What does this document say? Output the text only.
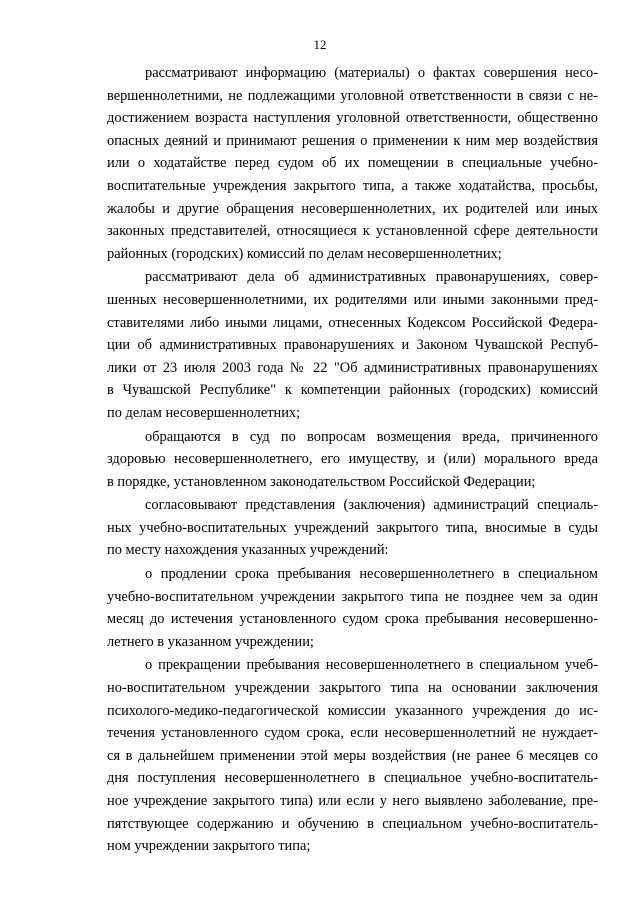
12
рассматривают информацию (материалы) о фактах совершения несо-
вершеннолетними, не подлежащими уголовной ответственности в связи с не-
достижением возраста наступления уголовной ответственности, общественно
опасных деяний и принимают решения о применении к ним мер воздействия
или о ходатайстве перед судом об их помещении в специальные учебно-
воспитательные учреждения закрытого типа, а также ходатайства, просьбы,
жалобы и другие обращения несовершеннолетних, их родителей или иных
законных представителей, относящиеся к установленной сфере деятельности
районных (городских) комиссий по делам несовершеннолетних;
рассматривают дела об административных правонарушениях, совер-
шенных несовершеннолетними, их родителями или иными законными пред-
ставителями либо иными лицами, отнесенных Кодексом Российской Федера-
ции об административных правонарушениях и Законом Чувашской Респуб-
лики от 23 июля 2003 года № 22 "Об административных правонарушениях
в Чувашской Республике" к компетенции районных (городских) комиссий
по делам несовершеннолетних;
обращаются в суд по вопросам возмещения вреда, причиненного
здоровью несовершеннолетнего, его имуществу, и (или) морального вреда
в порядке, установленном законодательством Российской Федерации;
согласовывают представления (заключения) администраций специаль-
ных учебно-воспитательных учреждений закрытого типа, вносимые в суды
по месту нахождения указанных учреждений:
о продлении срока пребывания несовершеннолетнего в специальном
учебно-воспитательном учреждении закрытого типа не позднее чем за один
месяц до истечения установленного судом срока пребывания несовершенно-
летнего в указанном учреждении;
о прекращении пребывания несовершеннолетнего в специальном учеб-
но-воспитательном учреждении закрытого типа на основании заключения
психолого-медико-педагогической комиссии указанного учреждения до ис-
течения установленного судом срока, если несовершеннолетний не нуждает-
ся в дальнейшем применении этой меры воздействия (не ранее 6 месяцев со
дня поступления несовершеннолетнего в специальное учебно-воспитатель-
ное учреждение закрытого типа) или если у него выявлено заболевание, пре-
пятствующее содержанию и обучению в специальном учебно-воспитатель-
ном учреждении закрытого типа;
